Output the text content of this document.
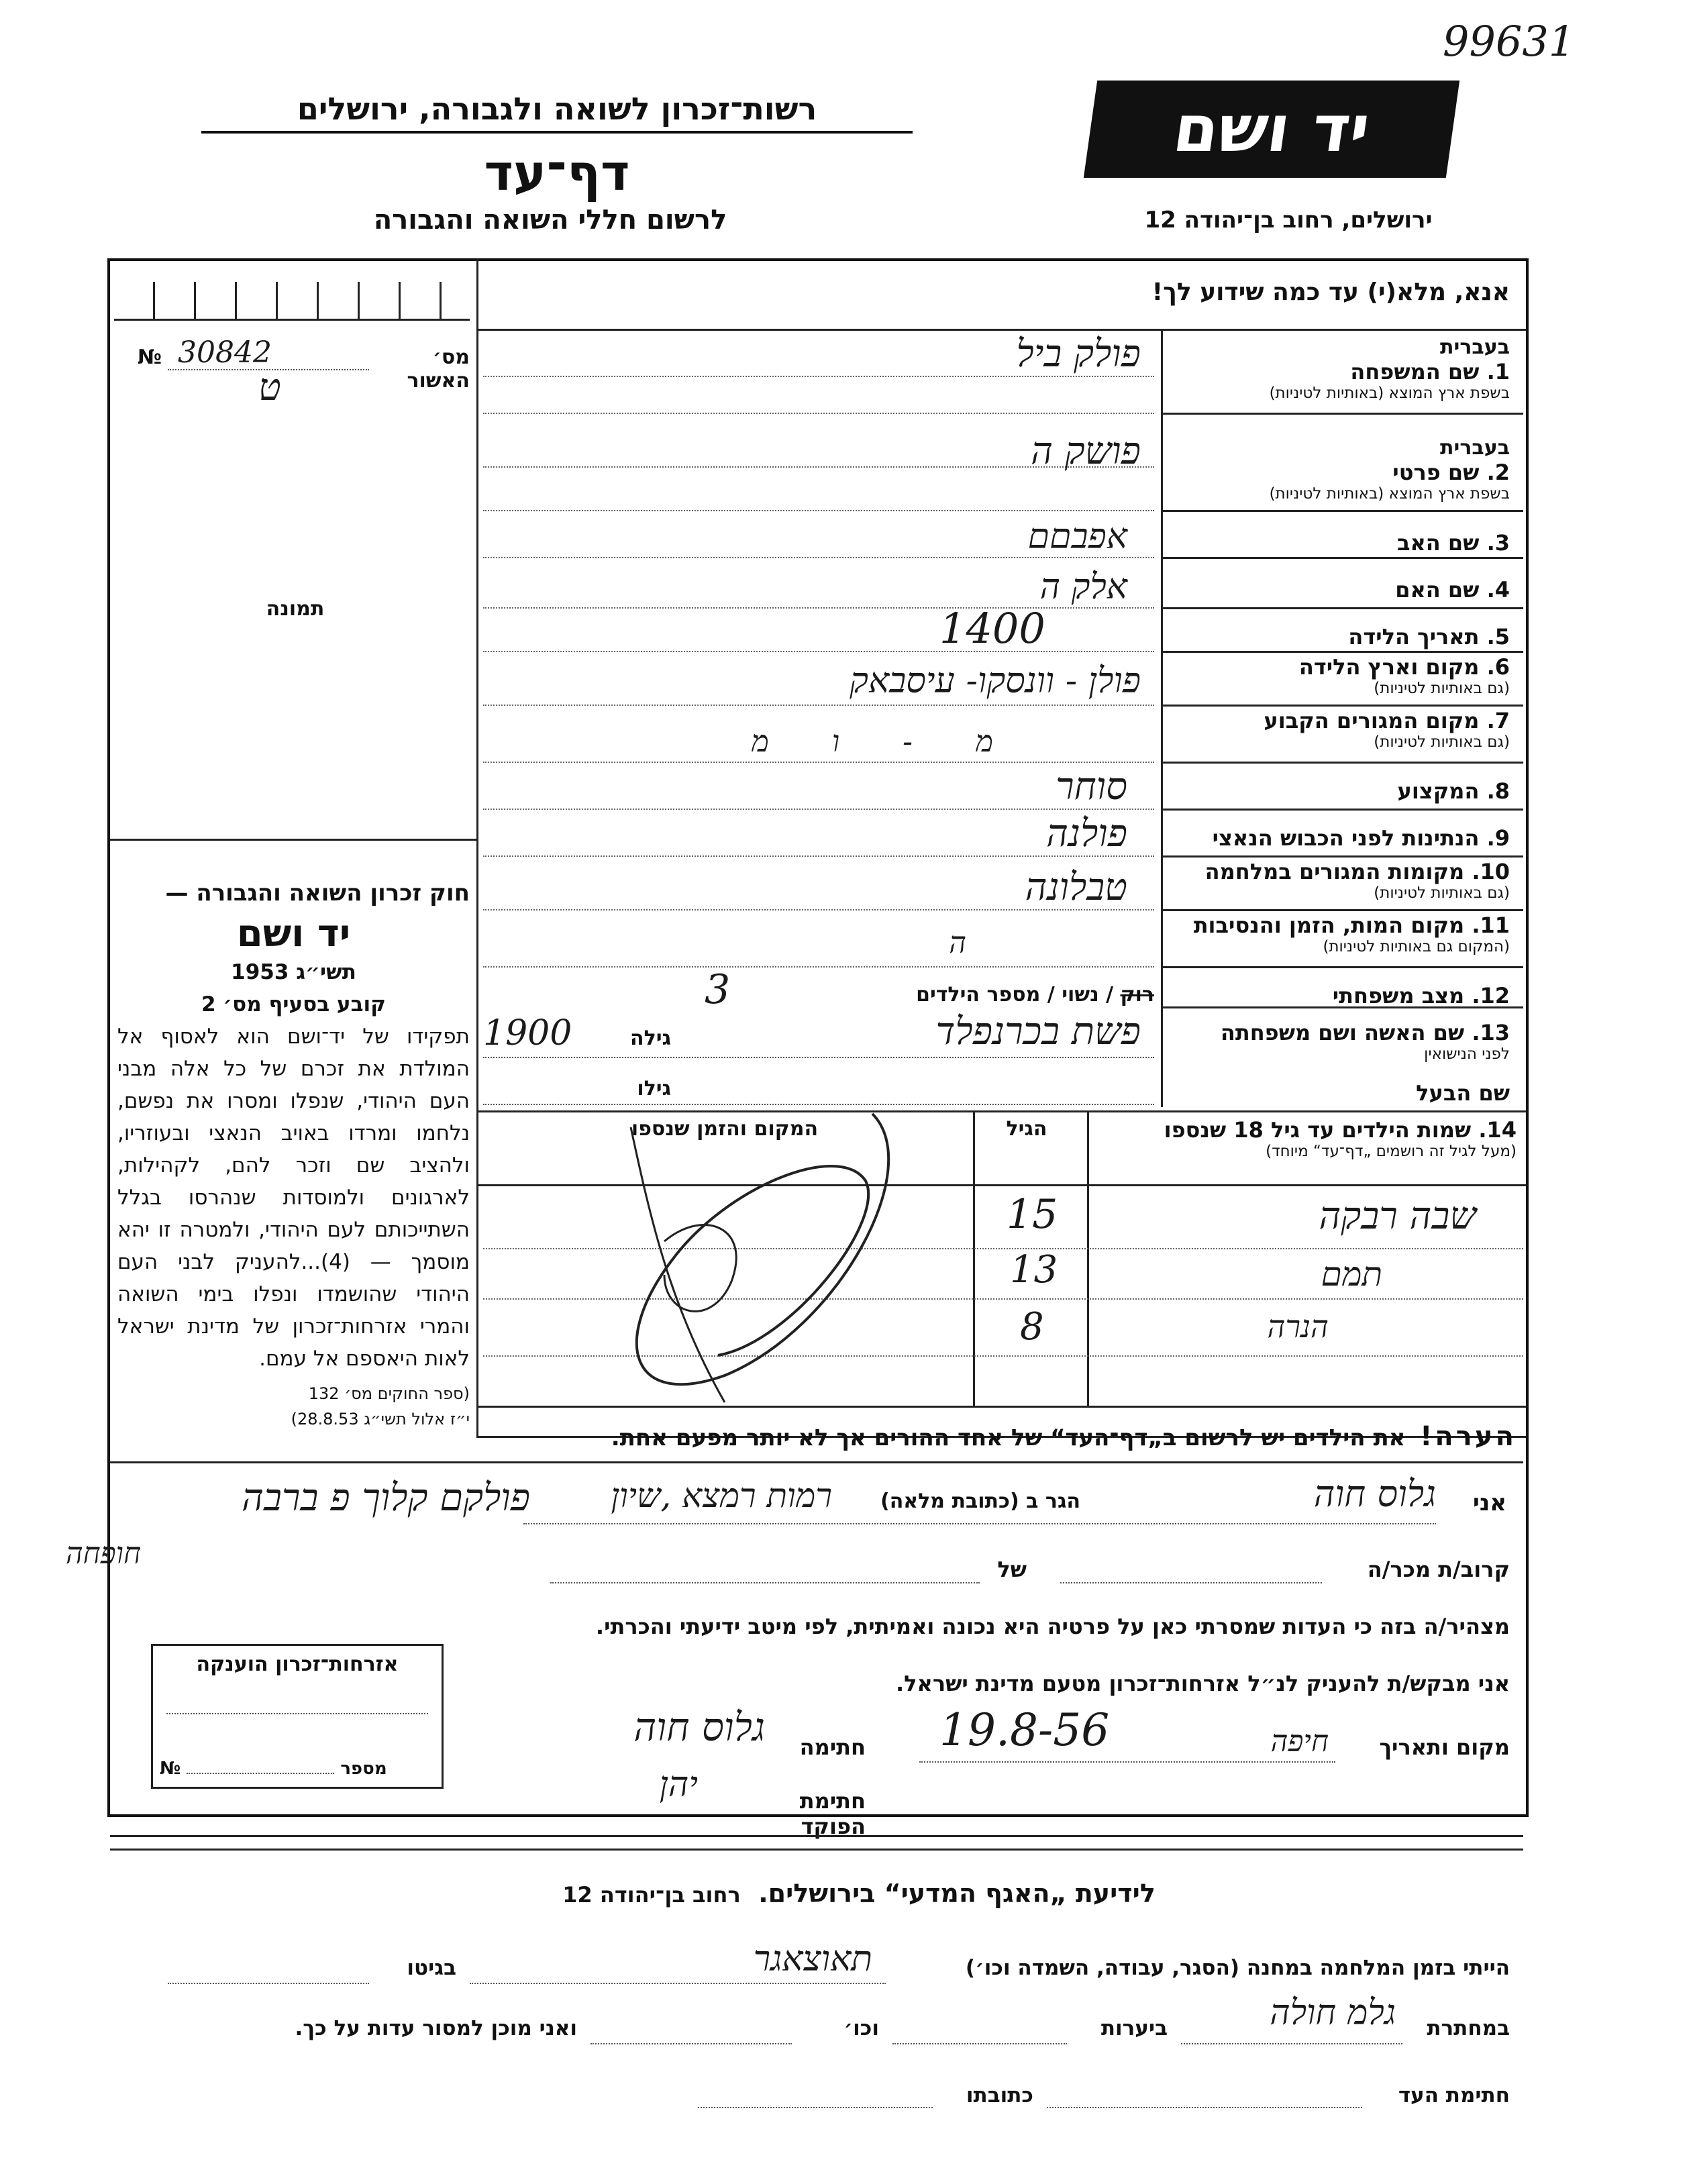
99631
רשות־זכרון לשואה ולגבורה, ירושלים
דף־עד
לרשום חללי השואה והגבורה
יד ושם
ירושלים, רחוב בן־יהודה 12
אנא, מלא(י) עד כמה שידוע לך!
מס׳ האשור
30842
ט
№
תמונה
חוק זכרון השואה והגבורה —
יד ושם
תשי״ג 1953
קובע בסעיף מס׳ 2
תפקידו של יד־ושם הוא לאסוף אל המולדת את זכרם של כל אלה מבני העם היהודי, שנפלו ומסרו את נפשם, נלחמו ומרדו באויב הנאצי ובעוזריו, ולהציב שם וזכר להם, לקהילות, לארגונים ולמוסדות שנהרסו בגלל השתייכותם לעם היהודי, ולמטרה זו יהא מוסמך — (4)...להעניק לבני העם היהודי שהושמדו ונפלו בימי השואה והמרי אזרחות־זכרון של מדינת ישראל לאות היאספם אל עמם.
(ספר החוקים מס׳ 132
י״ז אלול תשי״ג 28.8.53)
בעברית
1. שם המשפחה
בשפת ארץ המוצא (באותיות לטיניות)
בעברית
2. שם פרטי
בשפת ארץ המוצא (באותיות לטיניות)
3. שם האב
4. שם האם
5. תאריך הלידה
6. מקום וארץ הלידה
(גם באותיות לטיניות)
7. מקום המגורים הקבוע
(גם באותיות לטיניות)
8. המקצוע
9. הנתינות לפני הכבוש הנאצי
10. מקומות המגורים במלחמה
(גם באותיות לטיניות)
11. מקום המות, הזמן והנסיבות
(המקום גם באותיות לטיניות)
12. מצב משפחתי
13. שם האשה ושם משפחתה
לפני הנישואין
שם הבעל
פולק ביל
פושק ה
אפבםם
אלק ה
1400
פולן - וונסקו- עיסבאק
מ - ו מ
סוחר
פולנה
טבלונה
ה
רוק / נשוי / מספר הילדים
3
גילה
1900	פשת בכרנפלד
גילו
14. שמות הילדים עד גיל 18 שנספו
(מעל לגיל זה רושמים „דף־עד“ מיוחד)
הגיל
המקום והזמן שנספו
שבה רבקה
15
תמם
13
הנרה
8
הערה!  את הילדים יש לרשום ב„דף־העד“ של אחד ההורים אך לא יותר מפעם אחת.
פולקם קלוך פ ברבה
חופחה
אני
גלוס חוה
הגר ב (כתובת מלאה)
רמות רמצא ,שיון
קרוב/ת מכר/ה
של
מצהיר/ה בזה כי העדות שמסרתי כאן על פרטיה היא נכונה ואמיתית, לפי מיטב ידיעתי והכרתי.
אני מבקש/ת להעניק לנ״ל אזרחות־זכרון מטעם מדינת ישראל.
מקום ותאריך
חיפה
19.8-56
חתימה
גלוס חוה
חתימת הפוקד
יהן
אזרחות־זכרון הוענקה
№	מספר
לידיעת „האגף המדעי“ בירושלים.  רחוב בן־יהודה 12
הייתי בזמן המלחמה במחנה (הסגר, עבודה, השמדה וכו׳)
תאוצאגר
בגיטו
במחתרת
גלמ חולה
ביערות
וכו׳
ואני מוכן למסור עדות על כך.
חתימת העד
כתובתו
